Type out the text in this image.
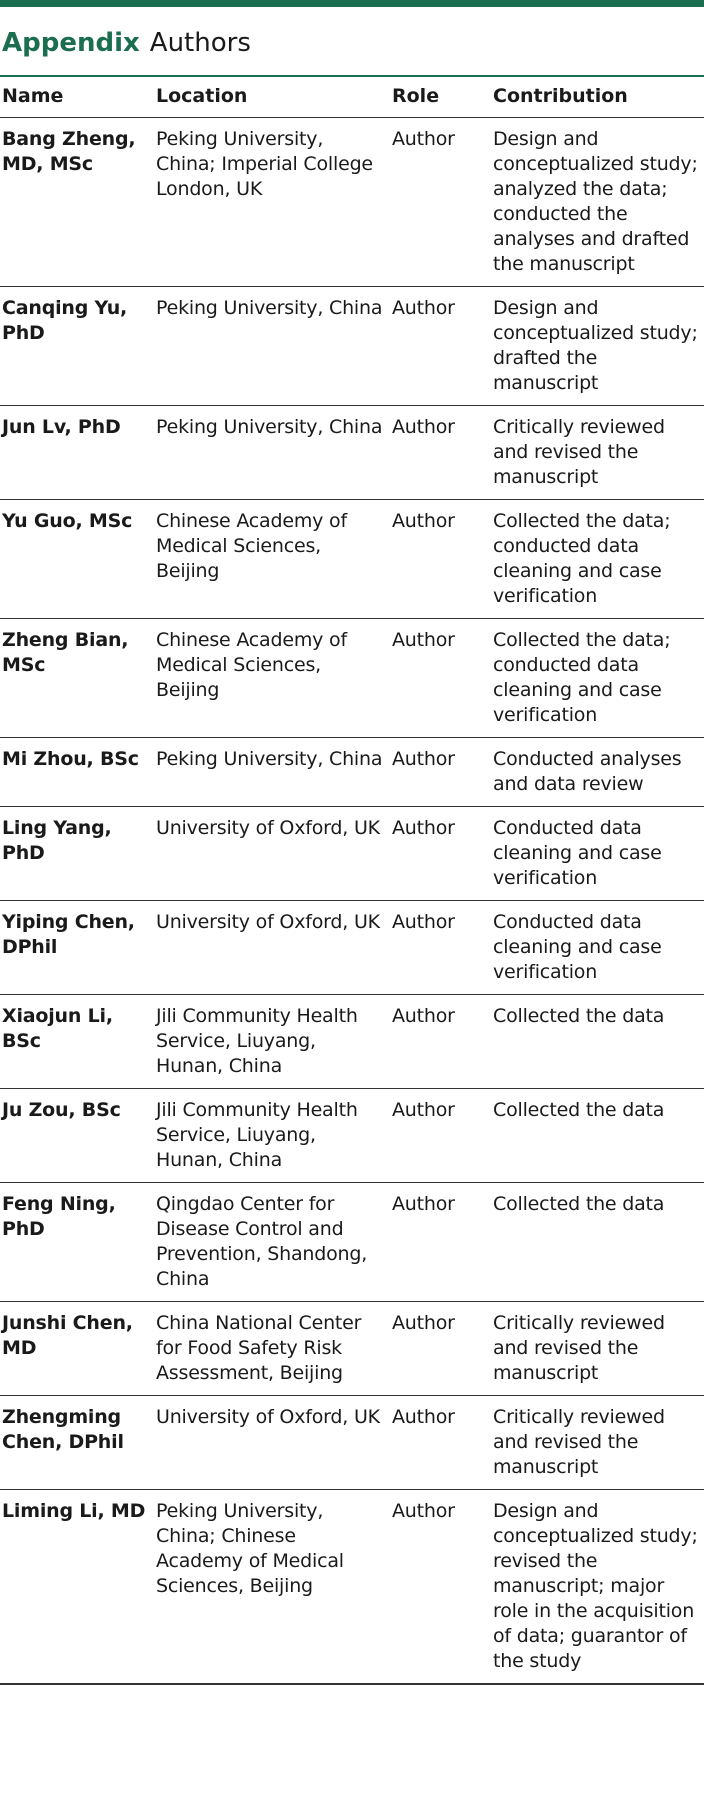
Appendix Authors
Name	Location	Role	Contribution
Bang Zheng, MD, MSc	Peking University, China; Imperial College London, UK	Author	Design and conceptualized study; analyzed the data; conducted the analyses and drafted the manuscript
Canqing Yu, PhD	Peking University, China	Author	Design and conceptualized study; drafted the manuscript
Jun Lv, PhD	Peking University, China	Author	Critically reviewed and revised the manuscript
Yu Guo, MSc	Chinese Academy of Medical Sciences, Beijing	Author	Collected the data; conducted data cleaning and case verification
Zheng Bian, MSc	Chinese Academy of Medical Sciences, Beijing	Author	Collected the data; conducted data cleaning and case verification
Mi Zhou, BSc	Peking University, China	Author	Conducted analyses and data review
Ling Yang, PhD	University of Oxford, UK	Author	Conducted data cleaning and case verification
Yiping Chen, DPhil	University of Oxford, UK	Author	Conducted data cleaning and case verification
Xiaojun Li, BSc	Jili Community Health Service, Liuyang, Hunan, China	Author	Collected the data
Ju Zou, BSc	Jili Community Health Service, Liuyang, Hunan, China	Author	Collected the data
Feng Ning, PhD	Qingdao Center for Disease Control and Prevention, Shandong, China	Author	Collected the data
Junshi Chen, MD	China National Center for Food Safety Risk Assessment, Beijing	Author	Critically reviewed and revised the manuscript
Zhengming Chen, DPhil	University of Oxford, UK	Author	Critically reviewed and revised the manuscript
Liming Li, MD	Peking University, China; Chinese Academy of Medical Sciences, Beijing	Author	Design and conceptualized study; revised the manuscript; major role in the acquisition of data; guarantor of the study
